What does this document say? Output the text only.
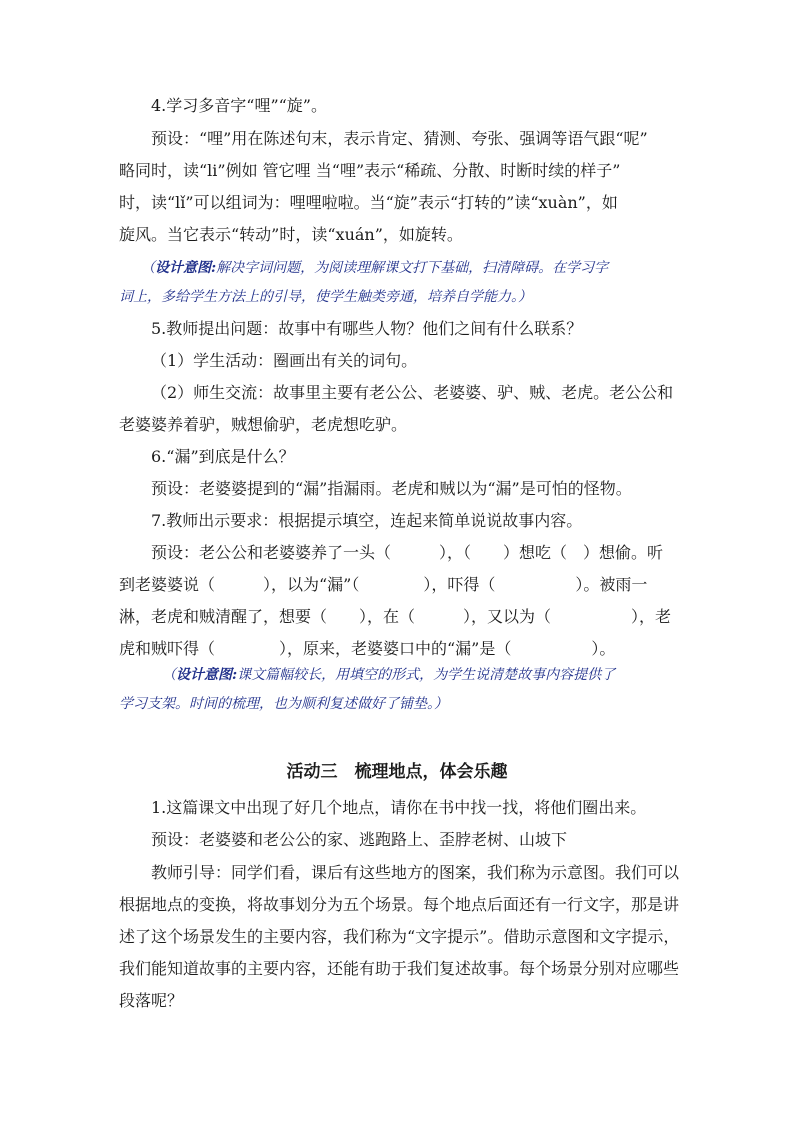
4.学习多音字“哩”“旋”。
预设：“哩”用在陈述句末，表示肯定、猜测、夸张、强调等语气跟“呢”
略同时，读“li”例如 管它哩 当“哩”表示“稀疏、分散、时断时续的样子”
时，读“lǐ”可以组词为：哩哩啦啦。当“旋”表示“打转的”读“xuàn”，如
旋风。当它表示“转动”时，读“xuán”，如旋转。
（设计意图:解决字词问题，为阅读理解课文打下基础，扫清障碍。在学习字
词上，多给学生方法上的引导，使学生触类旁通，培养自学能力。）
5.教师提出问题：故事中有哪些人物？他们之间有什么联系？
（1）学生活动：圈画出有关的词句。
（2）师生交流：故事里主要有老公公、老婆婆、驴、贼、老虎。老公公和
老婆婆养着驴，贼想偷驴，老虎想吃驴。
6.“漏”到底是什么？
预设：老婆婆提到的“漏”指漏雨。老虎和贼以为“漏”是可怕的怪物。
7.教师出示要求：根据提示填空，连起来简单说说故事内容。
预设：老公公和老婆婆养了一头（　　　），（　　）想吃（　）想偷。听
到老婆婆说（　　　），以为“漏”（　　　　），吓得（　　　　　）。被雨一
淋，老虎和贼清醒了，想要（　　），在（　　　），又以为（　　　　　），老
虎和贼吓得（　　　　），原来，老婆婆口中的“漏”是（　　　　　）。
（设计意图:课文篇幅较长，用填空的形式，为学生说清楚故事内容提供了
学习支架。时间的梳理，也为顺利复述做好了铺垫。）
活动三　梳理地点，体会乐趣
1.这篇课文中出现了好几个地点，请你在书中找一找，将他们圈出来。
预设：老婆婆和老公公的家、逃跑路上、歪脖老树、山坡下
教师引导：同学们看，课后有这些地方的图案，我们称为示意图。我们可以
根据地点的变换，将故事划分为五个场景。每个地点后面还有一行文字，那是讲
述了这个场景发生的主要内容，我们称为“文字提示”。借助示意图和文字提示，
我们能知道故事的主要内容，还能有助于我们复述故事。每个场景分别对应哪些
段落呢？
